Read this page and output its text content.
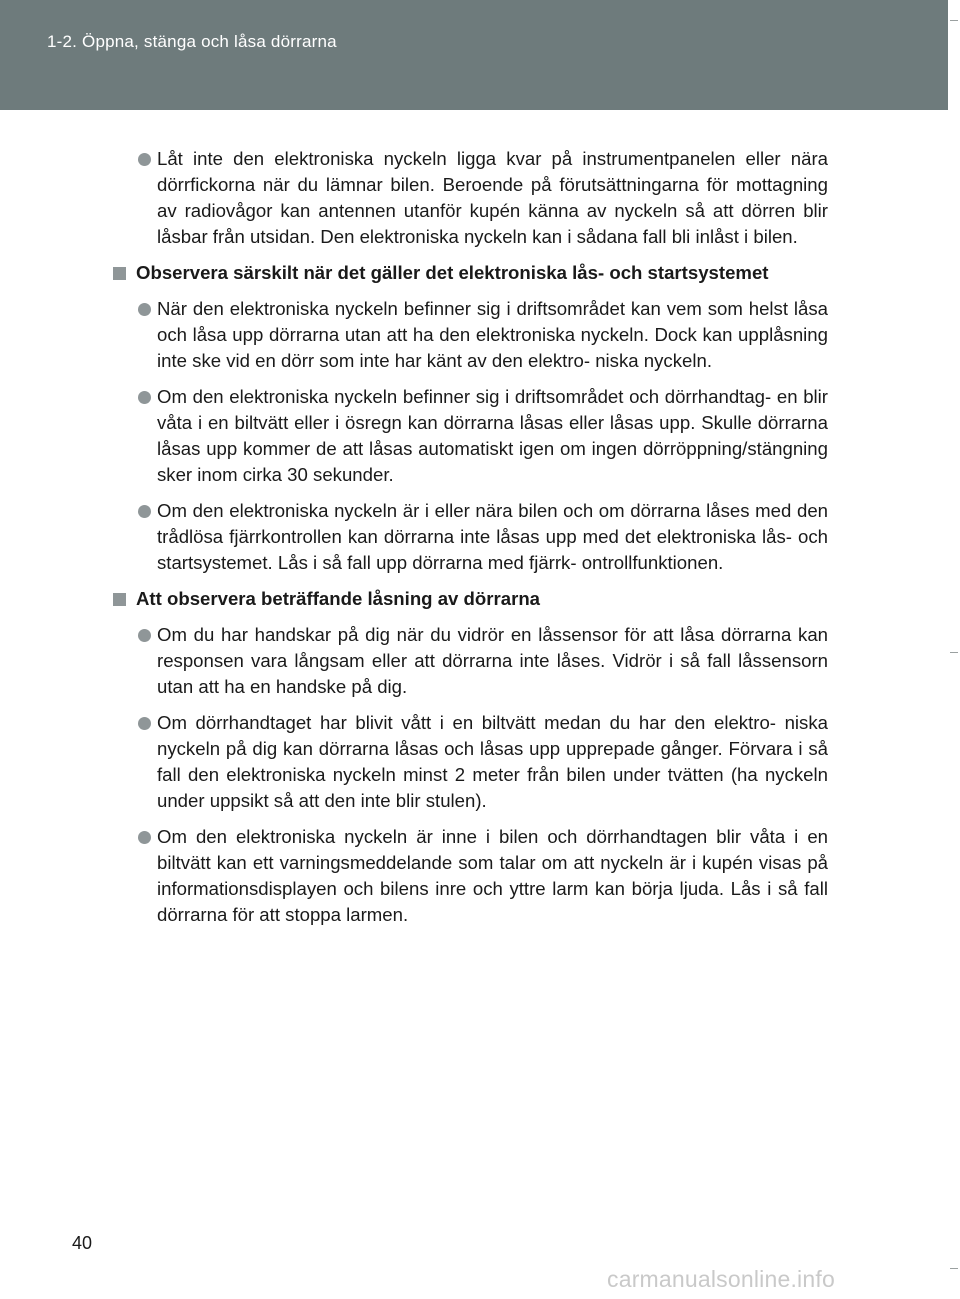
1-2. Öppna, stänga och låsa dörrarna
Låt inte den elektroniska nyckeln ligga kvar på instrumentpanelen eller nära dörrfickorna när du lämnar bilen. Beroende på förutsättningarna för mottagning av radiovågor kan antennen utanför kupén känna av nyckeln så att dörren blir låsbar från utsidan. Den elektroniska nyckeln kan i sådana fall bli inlåst i bilen.
Observera särskilt när det gäller det elektroniska lås- och startsystemet
När den elektroniska nyckeln befinner sig i driftsområdet kan vem som helst låsa och låsa upp dörrarna utan att ha den elektroniska nyckeln. Dock kan upplåsning inte ske vid en dörr som inte har känt av den elektro- niska nyckeln.
Om den elektroniska nyckeln befinner sig i driftsområdet och dörrhandtag- en blir våta i en biltvätt eller i ösregn kan dörrarna låsas eller låsas upp. Skulle dörrarna låsas upp kommer de att låsas automatiskt igen om ingen dörröppning/stängning sker inom cirka 30 sekunder.
Om den elektroniska nyckeln är i eller nära bilen och om dörrarna låses med den trådlösa fjärrkontrollen kan dörrarna inte låsas upp med det elektroniska lås- och startsystemet. Lås i så fall upp dörrarna med fjärrk- ontrollfunktionen.
Att observera beträffande låsning av dörrarna
Om du har handskar på dig när du vidrör en låssensor för att låsa dörrarna kan responsen vara långsam eller att dörrarna inte låses. Vidrör i så fall låssensorn utan att ha en handske på dig.
Om dörrhandtaget har blivit vått i en biltvätt medan du har den elektro- niska nyckeln på dig kan dörrarna låsas och låsas upp upprepade gånger. Förvara i så fall den elektroniska nyckeln minst 2 meter från bilen under tvätten (ha nyckeln under uppsikt så att den inte blir stulen).
Om den elektroniska nyckeln är inne i bilen och dörrhandtagen blir våta i en biltvätt kan ett varningsmeddelande som talar om att nyckeln är i kupén visas på informationsdisplayen och bilens inre och yttre larm kan börja ljuda. Lås i så fall dörrarna för att stoppa larmen.
40
carmanualsonline.info
